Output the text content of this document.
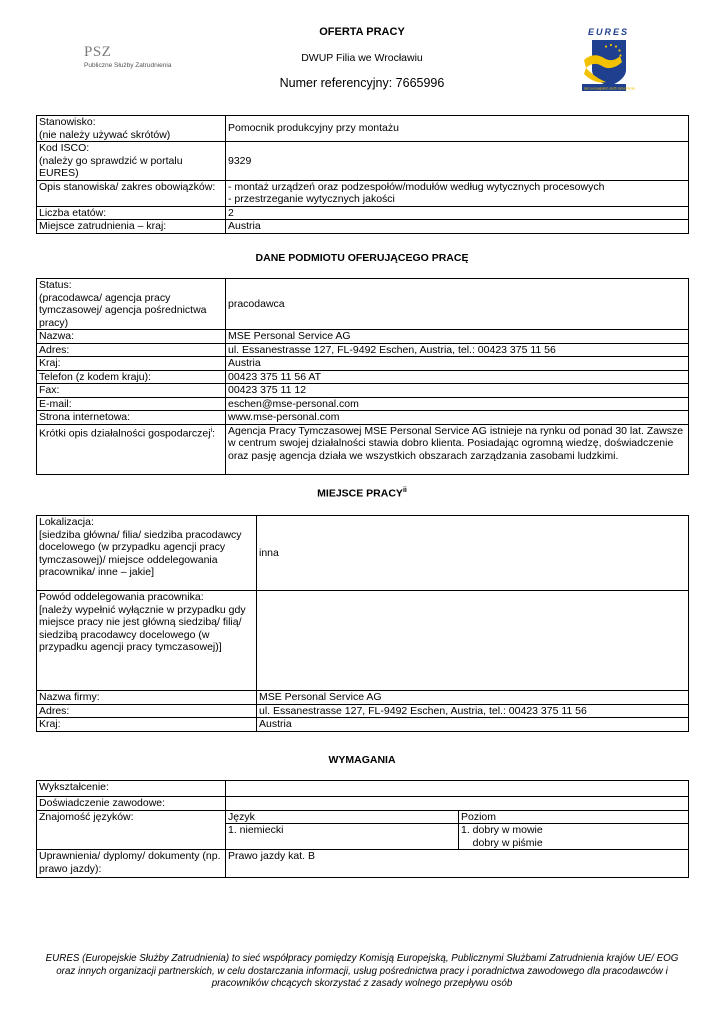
OFERTA PRACY
DWUP Filia we Wrocławiu
Numer referencyjny: 7665996
PSZ
Publiczne Służby Zatrudnienia
EURES
sieć europejskich służb zatrudnienia
Stanowisko:
(nie należy używać skrótów)	Pomocnik produkcyjny przy montażu
Kod ISCO:
(należy go sprawdzić w portalu EURES)	9329
Opis stanowiska/ zakres obowiązków:	- montaż urządzeń oraz podzespołów/modułów według wytycznych procesowych
- przestrzeganie wytycznych jakości

Liczba etatów:	2
Miejsce zatrudnienia – kraj:	Austria
DANE PODMIOTU OFERUJĄCEGO PRACĘ
Status:
(pracodawca/ agencja pracy tymczasowej/ agencja pośrednictwa pracy)	pracodawca
Nazwa:	MSE Personal Service AG
Adres:	ul. Essanestrasse 127, FL-9492 Eschen, Austria, tel.: 00423 375 11 56
Kraj:	Austria
Telefon (z kodem kraju):	00423 375 11 56 AT
Fax:	00423 375 11 12
E-mail:	eschen@mse-personal.com
Strona internetowa:	www.mse-personal.com
Krótki opis działalności gospodarczej$^i$:	Agencja Pracy Tymczasowej MSE Personal Service AG istnieje na rynku od ponad 30 lat. Zawsze w centrum swojej działalności stawia dobro klienta. Posiadając ogromną wiedzę, doświadczenie oraz pasję agencja działa we wszystkich obszarach zarządzania zasobami ludzkimi.
MIEJSCE PRACY$^{ii}$
Lokalizacja:
[siedziba główna/ filia/ siedziba pracodawcy docelowego (w przypadku agencji pracy tymczasowej)/ miejsce oddelegowania pracownika/ inne – jakie]	inna
Powód oddelegowania pracownika:
[należy wypełnić wyłącznie w przypadku gdy miejsce pracy nie jest główną siedzibą/ filią/ siedzibą pracodawcy docelowego (w przypadku agencji pracy tymczasowej)]	
Nazwa firmy:	MSE Personal Service AG
Adres:	ul. Essanestrasse 127, FL-9492 Eschen, Austria, tel.: 00423 375 11 56
Kraj:	Austria
WYMAGANIA
Wykształcenie:		
Doświadczenie zawodowe:		
Znajomość języków:	Język	Poziom
	1. niemiecki	1. dobry w mowie
dobry w piśmie
Uprawnienia/ dyplomy/ dokumenty (np. prawo jazdy):	Prawo jazdy kat. B	
EURES (Europejskie Służby Zatrudnienia) to sieć współpracy pomiędzy Komisją Europejską, Publicznymi Służbami Zatrudnienia krajów UE/ EOG oraz innych organizacji partnerskich, w celu dostarczania informacji, usług pośrednictwa pracy i poradnictwa zawodowego dla pracodawców i pracowników chcących skorzystać z zasady wolnego przepływu osób
